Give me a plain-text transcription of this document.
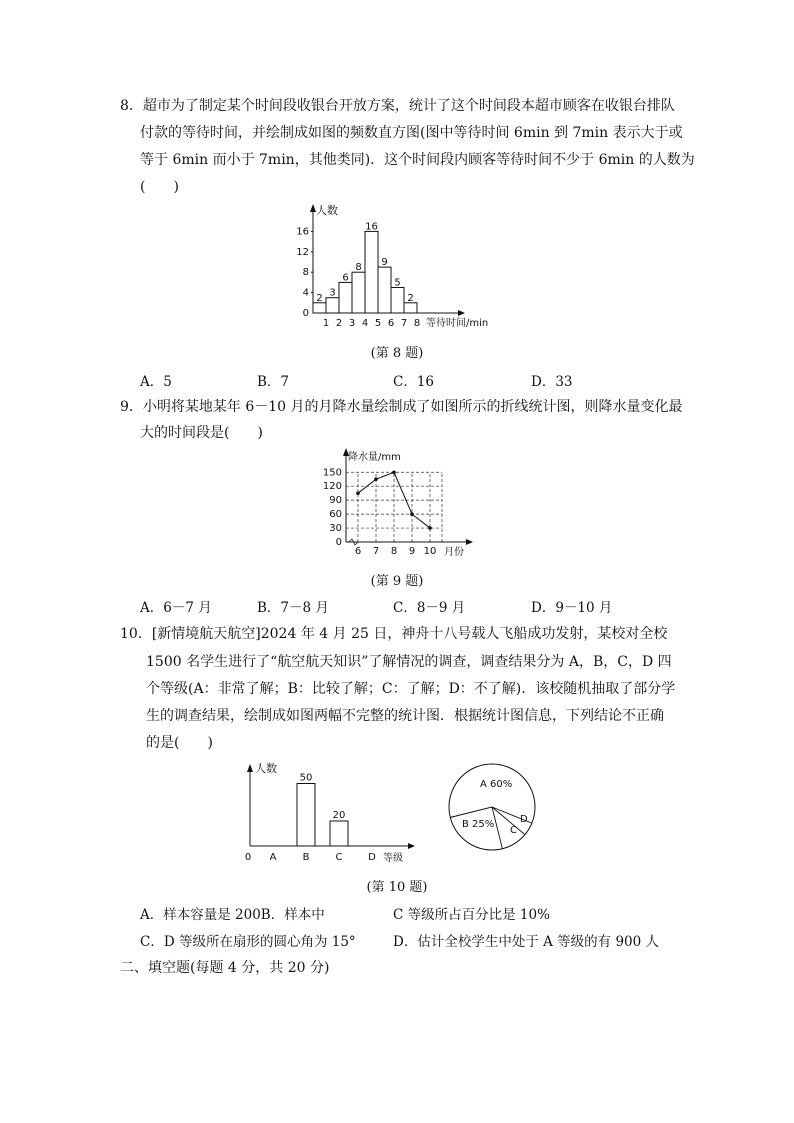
8．超市为了制定某个时间段收银台开放方案，统计了这个时间段本超市顾客在收银台排队
付款的等待时间，并绘制成如图的频数直方图(图中等待时间 6min 到 7min 表示大于或
等于 6min 而小于 7min，其他类同)．这个时间段内顾客等待时间不少于 6min 的人数为
(　　)
2 3
6
8
16
9
5
2
1 2 3 4 5 6 7 8
0
4
8
12
16
人数
等待时间/min
(第 8 题)
A．5	B．7	C．16	D．33
9．小明将某地某年 6－10 月的月降水量绘制成了如图所示的折线统计图，则降水量变化最
大的时间段是(　　)
0
30
60
90
120
150
6 7 8 9 10
降水量/mm
月份
(第 9 题)
A．6－7 月	B．7－8 月	C．8－9 月	D．9－10 月
10．[新情境航天航空]2024 年 4 月 25 日，神舟十八号载人飞船成功发射，某校对全校
1500 名学生进行了“航空航天知识”了解情况的调查，调查结果分为 A，B，C，D 四
个等级(A：非常了解；B：比较了解；C：了解；D：不了解)．该校随机抽取了部分学
生的调查结果，绘制成如图两幅不完整的统计图．根据统计图信息，下列结论不正确
的是(　　)
0 A	B
50
C
20
D
人数
等级
A 60%
B 25%
C
D
(第 10 题)
A．样本容量是 200B．样本中	C 等级所占百分比是 10%
C．D 等级所在扇形的圆心角为 15°	D．估计全校学生中处于 A 等级的有 900 人
二、填空题(每题 4 分，共 20 分)
